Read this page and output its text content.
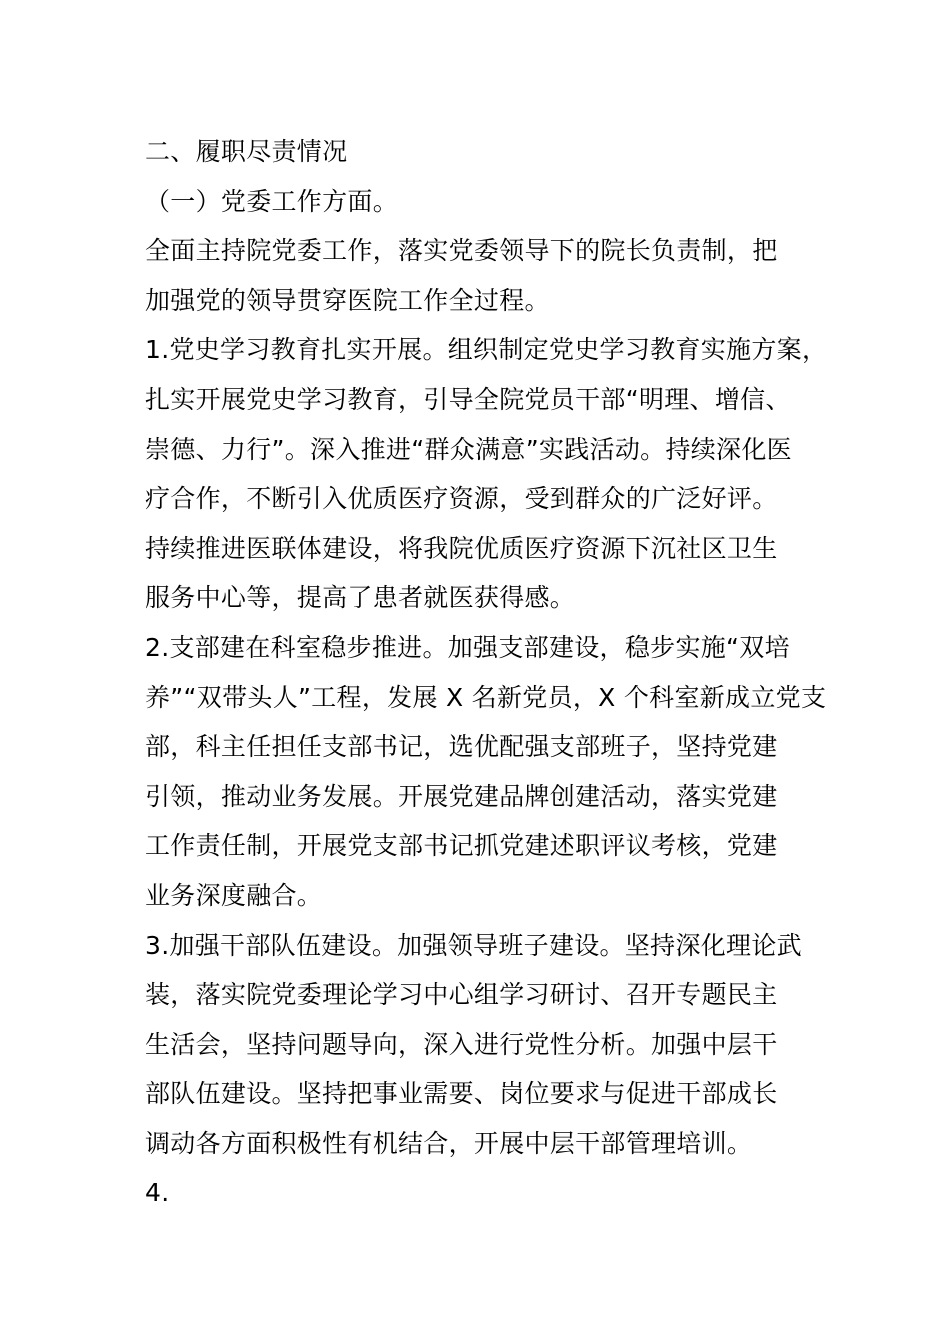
二、履职尽责情况

（一）党委工作方面。

全面主持院党委工作，落实党委领导下的院长负责制，把
加强党的领导贯穿医院工作全过程。
1.党史学习教育扎实开展。组织制定党史学习教育实施方案，
扎实开展党史学习教育，引导全院党员干部“明理、增信、
崇德、力行”。深入推进“群众满意”实践活动。持续深化医
疗合作，不断引入优质医疗资源，受到群众的广泛好评。
持续推进医联体建设，将我院优质医疗资源下沉社区卫生
服务中心等，提高了患者就医获得感。
2.支部建在科室稳步推进。加强支部建设，稳步实施“双培
养”“双带头人”工程，发展 X 名新党员，X 个科室新成立党支
部，科主任担任支部书记，选优配强支部班子，坚持党建
引领，推动业务发展。开展党建品牌创建活动，落实党建
工作责任制，开展党支部书记抓党建述职评议考核，党建
业务深度融合。
3.加强干部队伍建设。加强领导班子建设。坚持深化理论武
装，落实院党委理论学习中心组学习研讨、召开专题民主
生活会，坚持问题导向，深入进行党性分析。加强中层干
部队伍建设。坚持把事业需要、岗位要求与促进干部成长
调动各方面积极性有机结合，开展中层干部管理培训。

4.
